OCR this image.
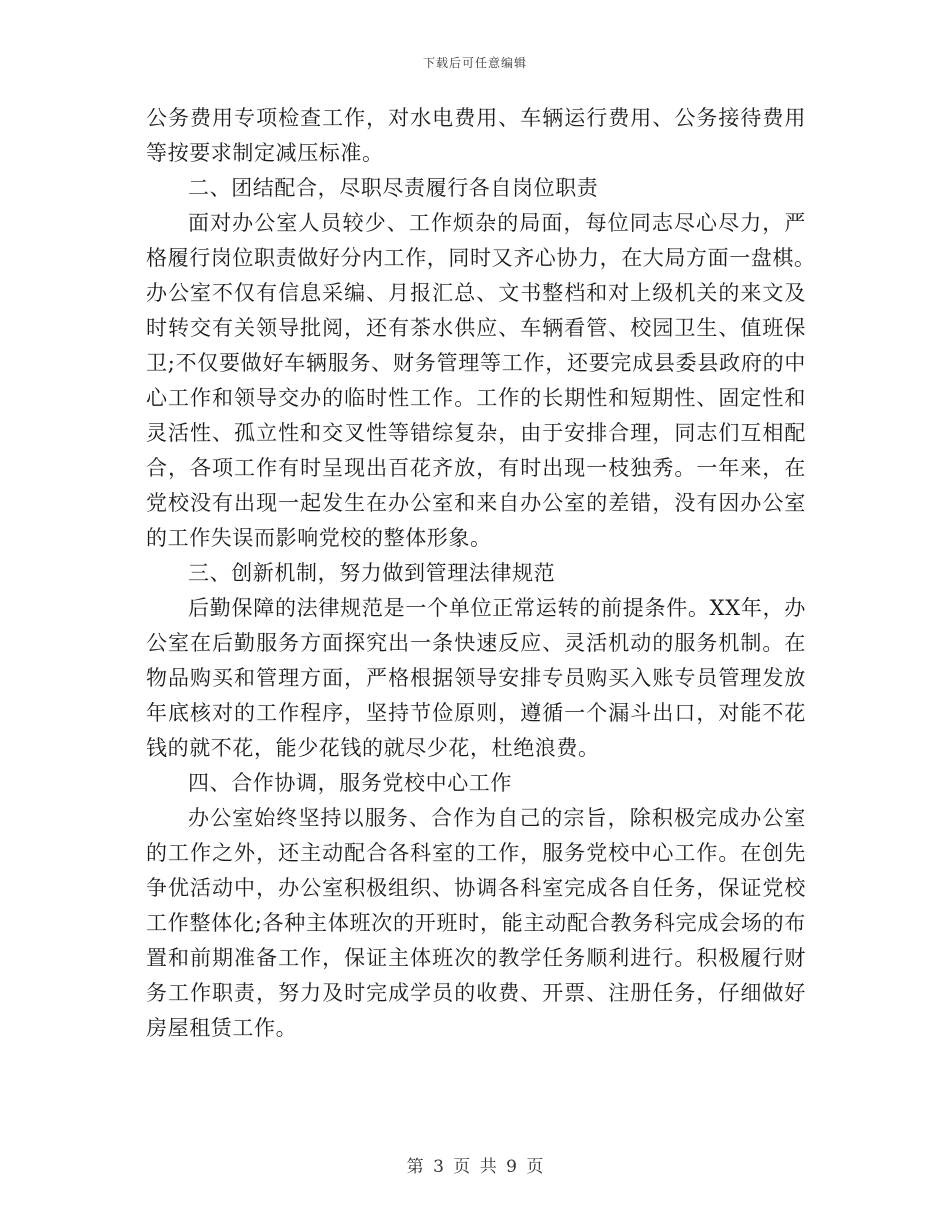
下载后可任意编辑
公务费用专项检查工作，对水电费用、车辆运行费用、公务接待费用
等按要求制定减压标准。
二、团结配合，尽职尽责履行各自岗位职责
面对办公室人员较少、工作烦杂的局面，每位同志尽心尽力，严
格履行岗位职责做好分内工作，同时又齐心协力，在大局方面一盘棋。
办公室不仅有信息采编、月报汇总、文书整档和对上级机关的来文及
时转交有关领导批阅，还有茶水供应、车辆看管、校园卫生、值班保
卫;不仅要做好车辆服务、财务管理等工作，还要完成县委县政府的中
心工作和领导交办的临时性工作。工作的长期性和短期性、固定性和
灵活性、孤立性和交叉性等错综复杂，由于安排合理，同志们互相配
合，各项工作有时呈现出百花齐放，有时出现一枝独秀。一年来，在
党校没有出现一起发生在办公室和来自办公室的差错，没有因办公室
的工作失误而影响党校的整体形象。
三、创新机制，努力做到管理法律规范
后勤保障的法律规范是一个单位正常运转的前提条件。XX年，办
公室在后勤服务方面探究出一条快速反应、灵活机动的服务机制。在
物品购买和管理方面，严格根据领导安排专员购买入账专员管理发放
年底核对的工作程序，坚持节俭原则，遵循一个漏斗出口，对能不花
钱的就不花，能少花钱的就尽少花，杜绝浪费。
四、合作协调，服务党校中心工作
办公室始终坚持以服务、合作为自己的宗旨，除积极完成办公室
的工作之外，还主动配合各科室的工作，服务党校中心工作。在创先
争优活动中，办公室积极组织、协调各科室完成各自任务，保证党校
工作整体化;各种主体班次的开班时，能主动配合教务科完成会场的布
置和前期准备工作，保证主体班次的教学任务顺利进行。积极履行财
务工作职责，努力及时完成学员的收费、开票、注册任务，仔细做好
房屋租赁工作。
第 3 页 共 9 页
